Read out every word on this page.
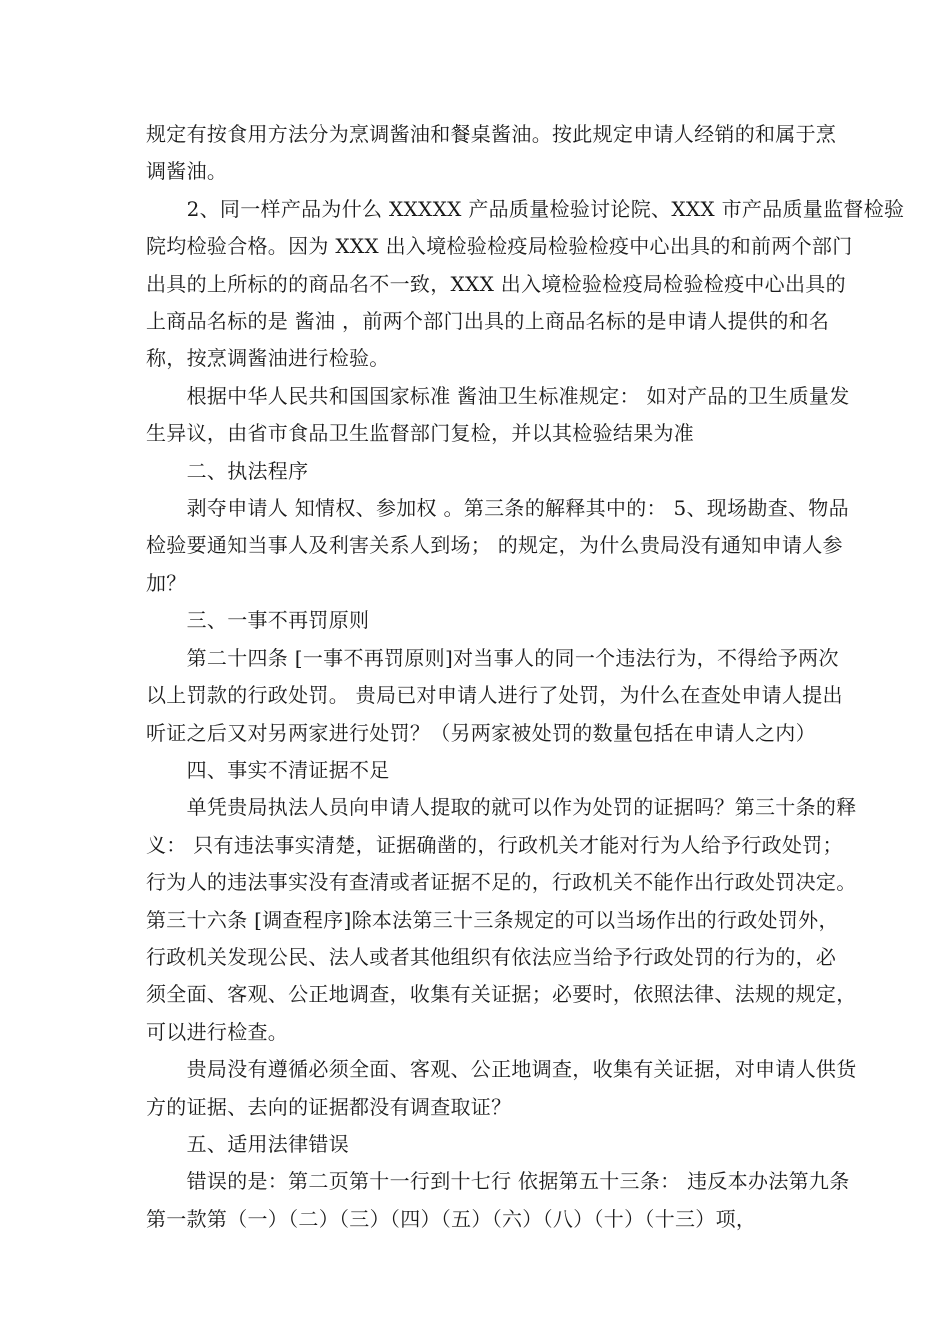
规定有按食用方法分为烹调酱油和餐桌酱油。按此规定申请人经销的和属于烹
调酱油。
　　2、同一样产品为什么 XXXXX 产品质量检验讨论院、XXX 市产品质量监督检验
院均检验合格。因为 XXX 出入境检验检疫局检验检疫中心出具的和前两个部门
出具的上所标的的商品名不一致，XXX 出入境检验检疫局检验检疫中心出具的
上商品名标的是 酱油 ，前两个部门出具的上商品名标的是申请人提供的和名
称，按烹调酱油进行检验。
　　根据中华人民共和国国家标准 酱油卫生标准规定： 如对产品的卫生质量发
生异议，由省市食品卫生监督部门复检，并以其检验结果为准
　　二、执法程序
　　剥夺申请人 知情权、参加权 。第三条的解释其中的： 5、现场勘查、物品
检验要通知当事人及利害关系人到场； 的规定，为什么贵局没有通知申请人参
加？
　　三、一事不再罚原则
　　第二十四条 [一事不再罚原则]对当事人的同一个违法行为，不得给予两次
以上罚款的行政处罚。 贵局已对申请人进行了处罚，为什么在查处申请人提出
听证之后又对另两家进行处罚？（另两家被处罚的数量包括在申请人之内）
　　四、事实不清证据不足
　　单凭贵局执法人员向申请人提取的就可以作为处罚的证据吗？第三十条的释
义： 只有违法事实清楚，证据确凿的，行政机关才能对行为人给予行政处罚；
行为人的违法事实没有查清或者证据不足的，行政机关不能作出行政处罚决定。
第三十六条 [调查程序]除本法第三十三条规定的可以当场作出的行政处罚外，
行政机关发现公民、法人或者其他组织有依法应当给予行政处罚的行为的，必
须全面、客观、公正地调查，收集有关证据；必要时，依照法律、法规的规定，
可以进行检查。
　　贵局没有遵循必须全面、客观、公正地调查，收集有关证据，对申请人供货
方的证据、去向的证据都没有调查取证？
　　五、适用法律错误
　　错误的是：第二页第十一行到十七行 依据第五十三条： 违反本办法第九条
第一款第（一）（二）（三）（四）（五）（六）（八）（十）（十三）项，
